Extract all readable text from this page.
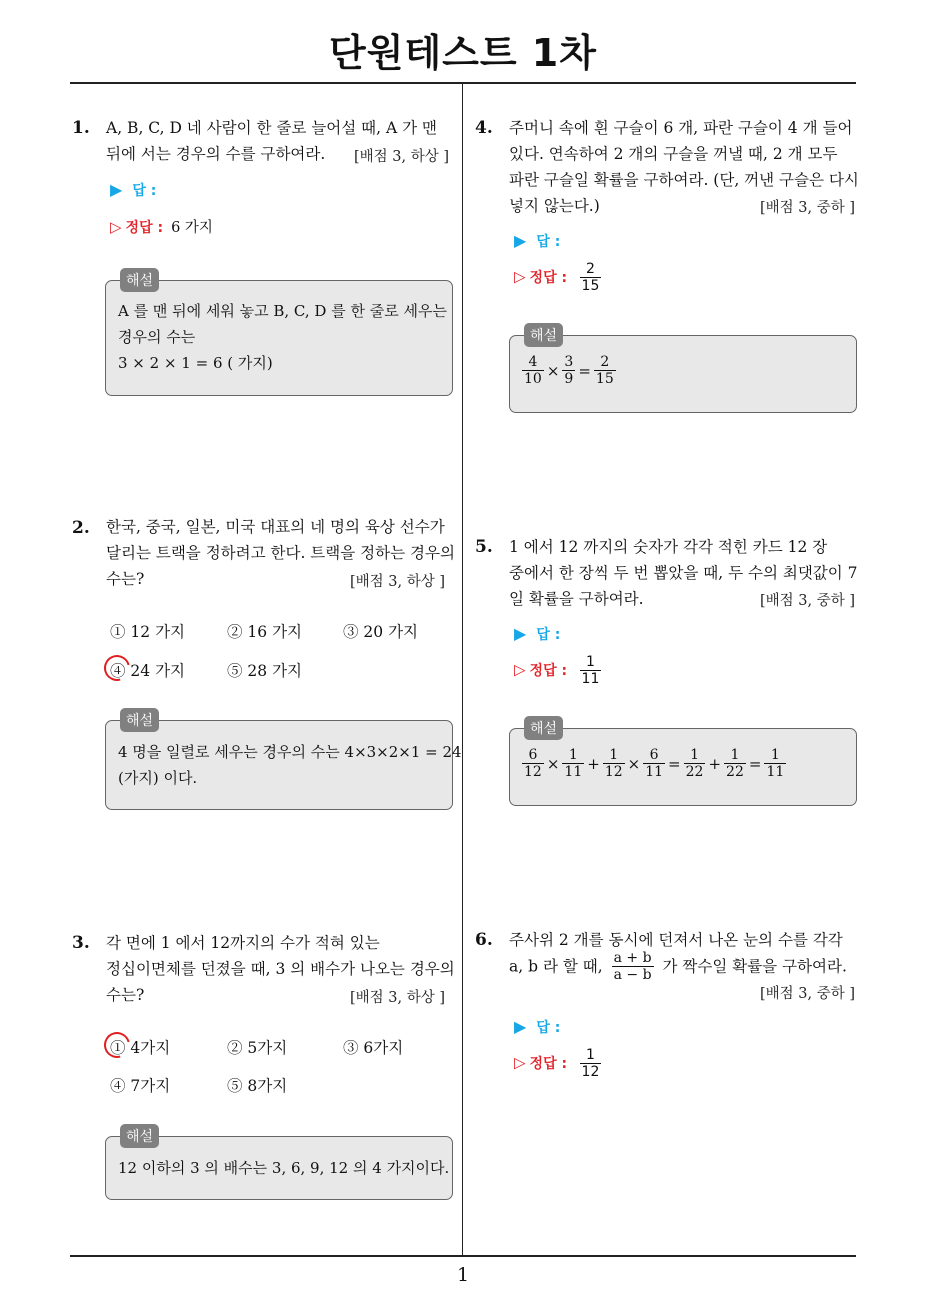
단원테스트 1차
1
1. A, B, C, D 네 사람이 한 줄로 늘어설 때, A 가 맨
뒤에 서는 경우의 수를 구하여라.	[배점 3, 하상 ]
▶ 답 :
▷ 정답 : 6 가지
해설
A 를 맨 뒤에 세워 놓고 B, C, D 를 한 줄로 세우는
경우의 수는
3 × 2 × 1 = 6 ( 가지)
2. 한국, 중국, 일본, 미국 대표의 네 명의 육상 선수가
달리는 트랙을 정하려고 한다. 트랙을 정하는 경우의
수는?	[배점 3, 하상 ]
① 12 가지	② 16 가지	③ 20 가지
④ 24 가지	⑤ 28 가지
해설
4 명을 일렬로 세우는 경우의 수는 4×3×2×1 = 24
(가지) 이다.
3. 각 면에 1 에서 12까지의 수가 적혀 있는
정십이면체를 던졌을 때, 3 의 배수가 나오는 경우의
수는?	[배점 3, 하상 ]
① 4가지	② 5가지	③ 6가지
④ 7가지	⑤ 8가지
해설
12 이하의 3 의 배수는 3, 6, 9, 12 의 4 가지이다.
4. 주머니 속에 흰 구슬이 6 개, 파란 구슬이 4 개 들어
있다. 연속하여 2 개의 구슬을 꺼낼 때, 2 개 모두
파란 구슬일 확률을 구하여라. (단, 꺼낸 구슬은 다시
넣지 않는다.)	[배점 3, 중하 ]
▶ 답 :
▷ 정답 : $\frac{2}{15}$
해설
$\frac{4}{10} \times \frac{3}{9} = \frac{2}{15}$
5. 1 에서 12 까지의 숫자가 각각 적힌 카드 12 장
중에서 한 장씩 두 번 뽑았을 때, 두 수의 최댓값이 7
일 확률을 구하여라.	[배점 3, 중하 ]
▶ 답 :
▷ 정답 : $\frac{1}{11}$
해설
$\frac{6}{12} \times \frac{1}{11} + \frac{1}{12} \times \frac{6}{11} = \frac{1}{22} + \frac{1}{22} = \frac{1}{11}$
6. 주사위 2 개를 동시에 던져서 나온 눈의 수를 각각
a, b 라 할 때, $\frac{a + b}{a - b}$ 가 짝수일 확률을 구하여라.
[배점 3, 중하 ]
▶ 답 :
▷ 정답 : $\frac{1}{12}$
